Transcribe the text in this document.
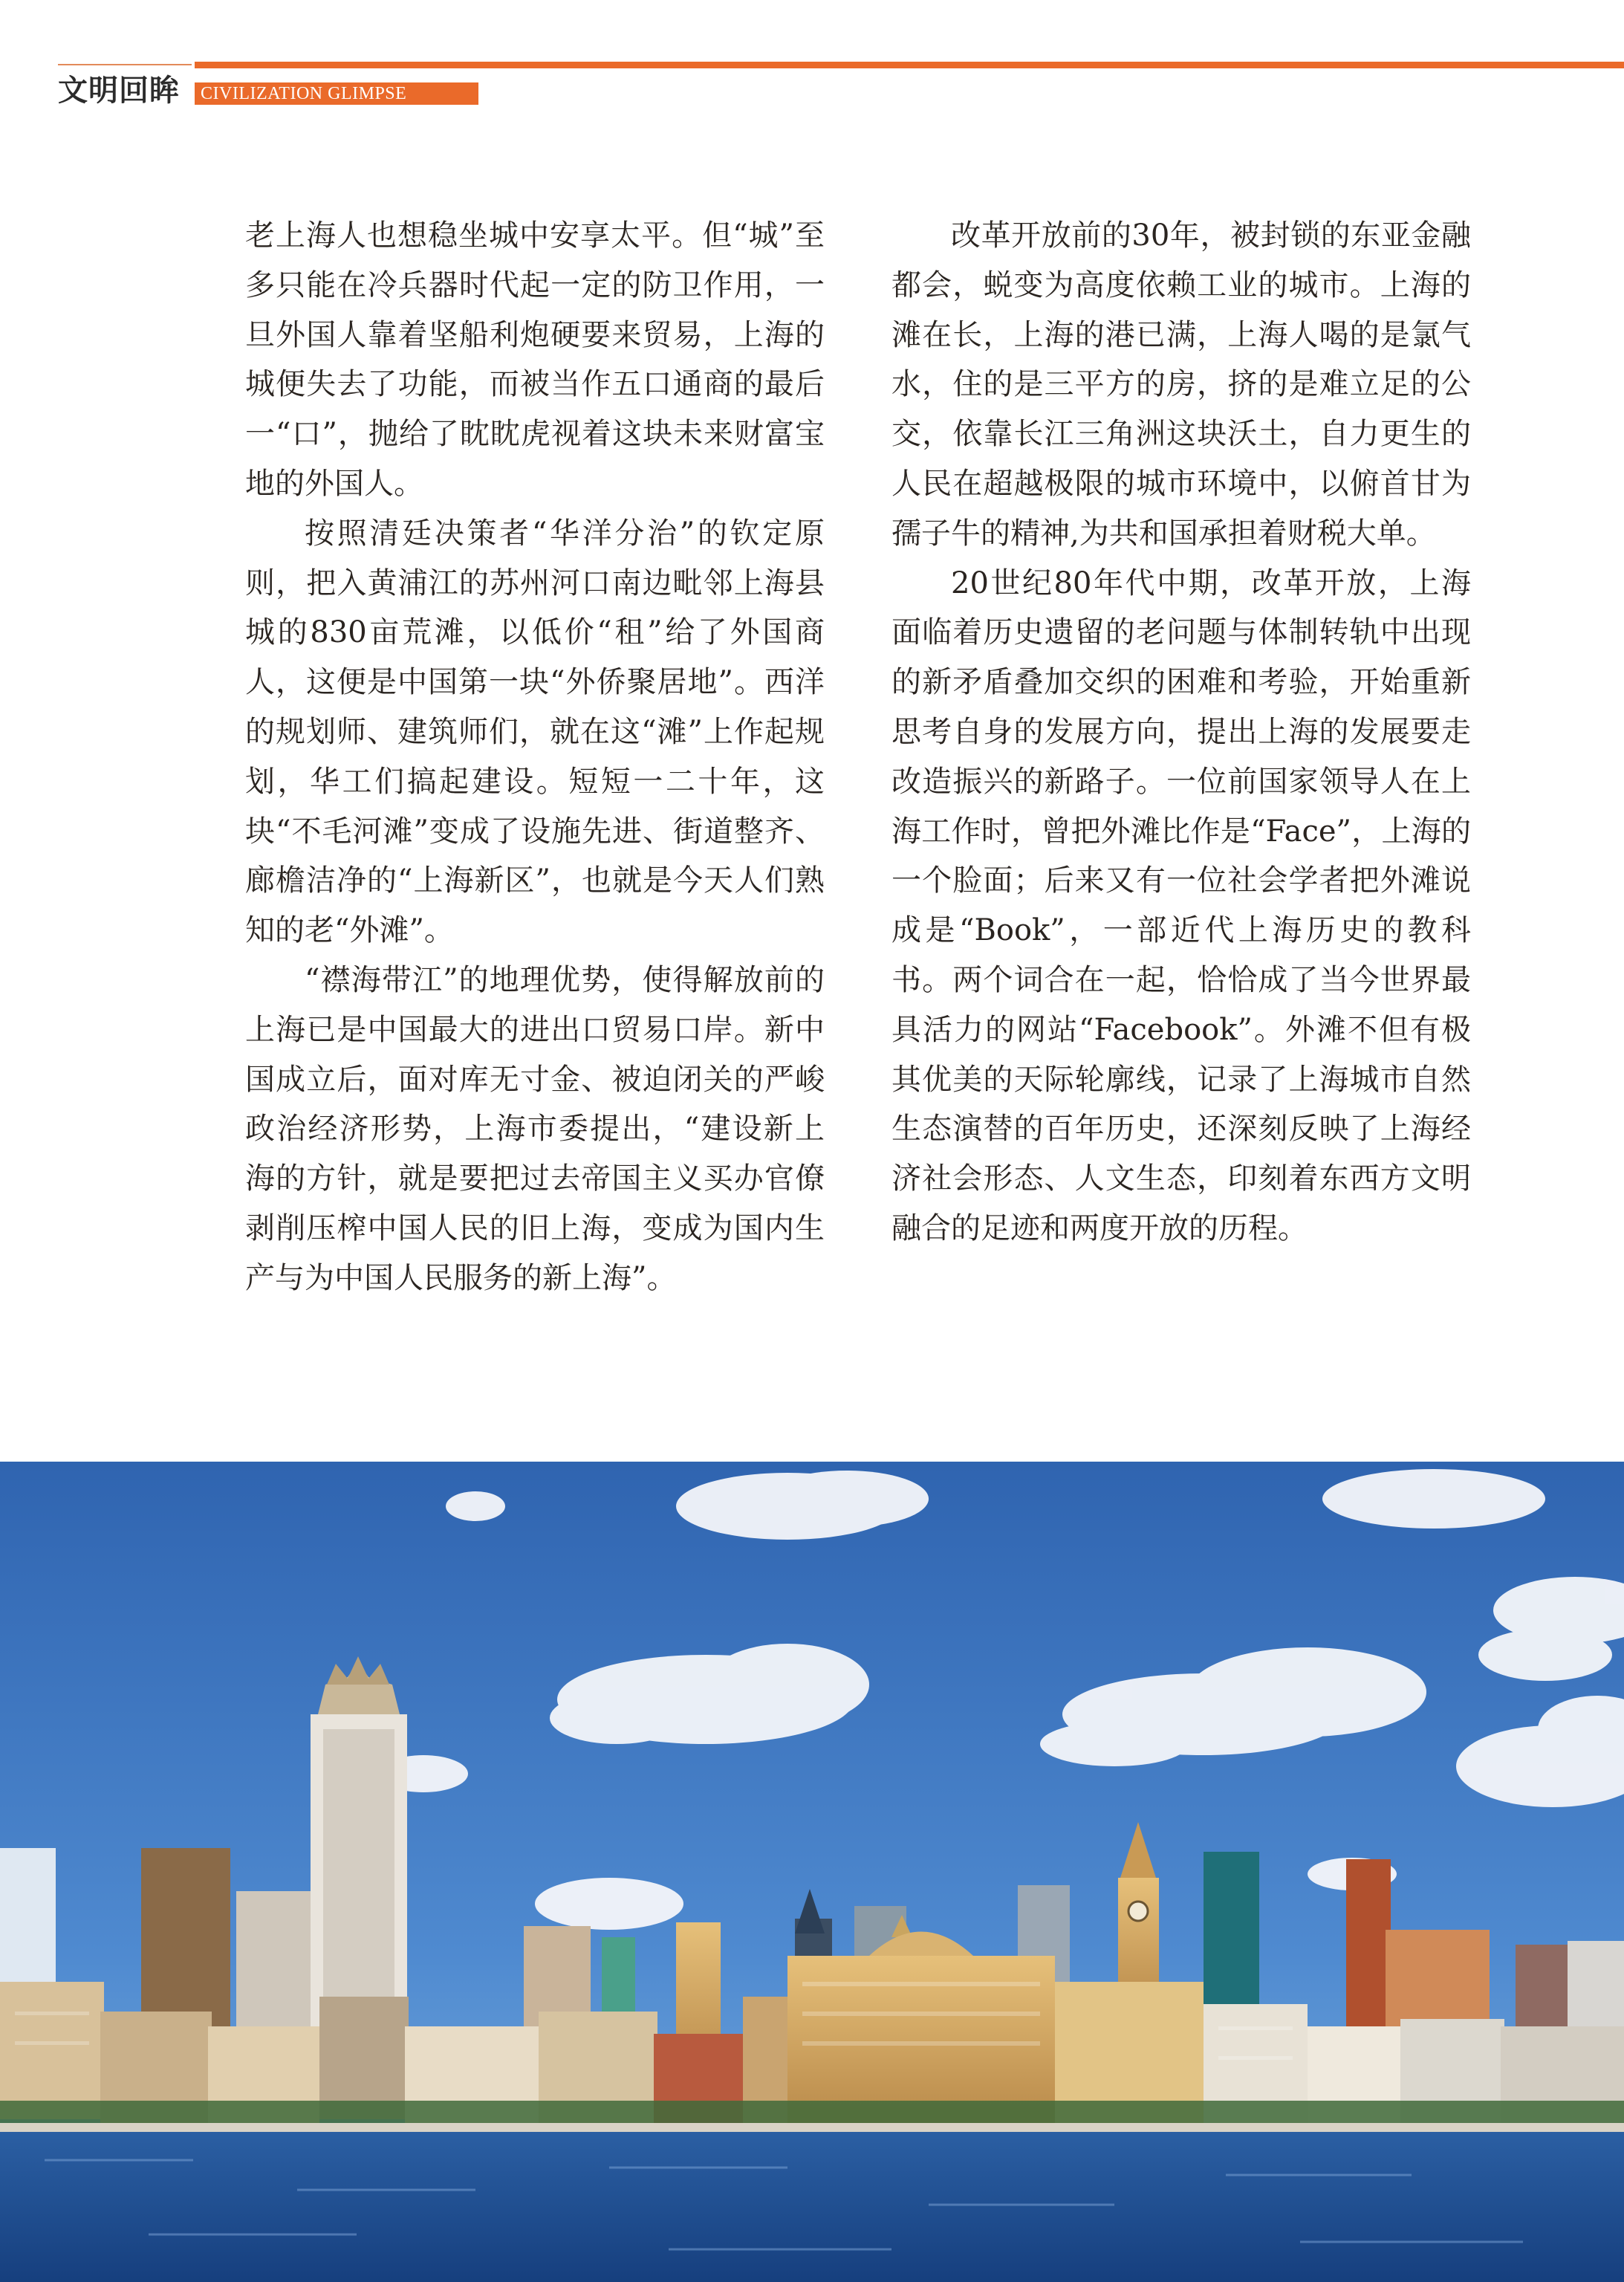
文明回眸	CIVILIZATION GLIMPSE

老上海人也想稳坐城中安享太平。但“城”至多只能在冷兵器时代起一定的防卫作用，一旦外国人靠着坚船利炮硬要来贸易，上海的城便失去了功能，而被当作五口通商的最后一“口”，抛给了眈眈虎视着这块未来财富宝地的外国人。

按照清廷决策者“华洋分治”的钦定原则，把入黄浦江的苏州河口南边毗邻上海县城的830亩荒滩，以低价“租”给了外国商人，这便是中国第一块“外侨聚居地”。西洋的规划师、建筑师们，就在这“滩”上作起规划，华工们搞起建设。短短一二十年，这块“不毛河滩”变成了设施先进、街道整齐、廊檐洁净的“上海新区”，也就是今天人们熟知的老“外滩”。

“襟海带江”的地理优势，使得解放前的上海已是中国最大的进出口贸易口岸。新中国成立后，面对库无寸金、被迫闭关的严峻政治经济形势，上海市委提出，“建设新上海的方针，就是要把过去帝国主义买办官僚剥削压榨中国人民的旧上海，变成为国内生产与为中国人民服务的新上海”。

改革开放前的30年，被封锁的东亚金融都会，蜕变为高度依赖工业的城市。上海的滩在长，上海的港已满，上海人喝的是氯气水，住的是三平方的房，挤的是难立足的公交，依靠长江三角洲这块沃土，自力更生的人民在超越极限的城市环境中，以俯首甘为孺子牛的精神,为共和国承担着财税大单。

20世纪80年代中期，改革开放，上海面临着历史遗留的老问题与体制转轨中出现的新矛盾叠加交织的困难和考验，开始重新思考自身的发展方向，提出上海的发展要走改造振兴的新路子。一位前国家领导人在上海工作时，曾把外滩比作是“Face”，上海的一个脸面；后来又有一位社会学者把外滩说成是“Book”，一部近代上海历史的教科书。两个词合在一起，恰恰成了当今世界最具活力的网站“Facebook”。外滩不但有极其优美的天际轮廓线，记录了上海城市自然生态演替的百年历史，还深刻反映了上海经济社会形态、人文生态，印刻着东西方文明融合的足迹和两度开放的历程。
